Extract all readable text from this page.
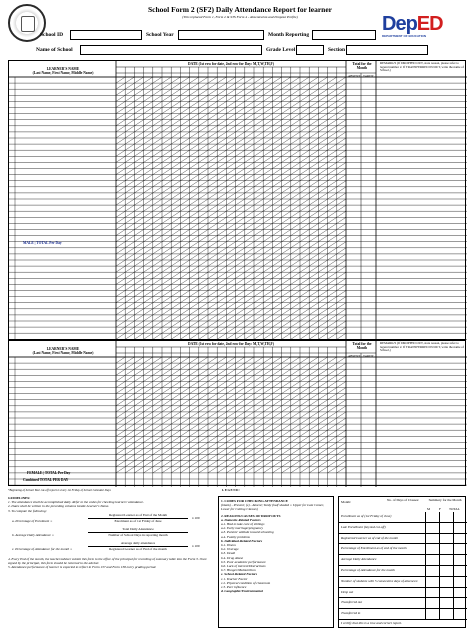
School Form 2 (SF2) Daily Attendance Report for learner
(This replaced Form 1, Form 2 & STS Form 4 - Absenteeism and Dropout Profile)	DepED
DEPARTMENT OF EDUCATION
School ID	School Year	Month Reporting
Name of School	Grade Level	Section
LEARNER'S NAME
(Last Name, First Name, Middle Name)
DATE (1st row for date, 2nd row for Day: M,T,W,TH,F)	Total for the Month
ABSENT TARDY
REMARK/S (If DROPPED OUT, state reason, please refer to legend number 2. If TRANSFERRED IN/OUT, write the name of School.)
MALE | TOTAL Per Day
LEARNER'S NAME
(Last Name, First Name, Middle Name)
DATE (1st row for date, 2nd row for Day: M,T,W,TH,F)	Total for the Month
ABSENT TARDY
REMARK/S (If DROPPED OUT, state reason, please refer to legend number 2. If TRANSFERRED IN/OUT, write the name of School.)
FEMALE | TOTAL Per Day
Combined TOTAL PER DAY
*Beginning of School Year cut-off report is every 1st Friday of School Calendar Days	LEGEND:
GUIDELINES:
1. The attendance shall be accomplished daily. Refer to the codes for checking learners' attendance.
2. Dates shall be written in the preceding columns beside Learner's Name.
3. To compute the following:
a. Percentage of Enrolment =
Registered Learner as of End of the Month
Enrolment as of 1st Friday of June
x 100
b. Average Daily Attendance =
Total Daily Attendance
Number of School Days in reporting month
c. Percentage of Attendance for the month =
Average daily attendance
Registered Learner as of End of the month
x 100
4. Every End of the month, the teacher/adviser submit this form to the office of the principal for recording of summary table into the Form 3. Once signed by the principal, this form should be returned to the adviser.
5. Attendance performance of learner is expected to reflect in Form 137 and Form 138 every grading period.
1. CODES FOR CHECKING ATTENDANCE
(blank) - Present; (x) - Absent; Tardy (half shaded = Upper for Late Comer, Lower for Cutting Classes)
2. REASONS/CAUSES OF DROP OUTS
a. Domestic-Related Factors
a.1. Had to take care of siblings
a.2. Early marriage/pregnancy
a.3. Parents' attitude toward schooling
a.4. Family problems
b. Individual-Related Factors
b.1. Illness
b.2. Overage
b.3. Death
b.4. Drug Abuse
b.5. Poor academic performance
b.6. Lack of interest/Distractions
b.7. Hunger/Malnutrition
c. School-Related Factors
c.1. Teacher Factor
c.2. Physical condition of classroom
c.3. Peer influence
d. Geographic/Environmental
Month:	No. of Days of Classes:	Summary for the Month
M	F TOTAL
Enrollment as of (1st Friday of June)
Late Enrollment (beyond cut-off)
Registered Learner as of end of the month
Percentage of Enrollment as of end of the month
Average Daily Attendance
Percentage of Attendance for the month
Number of students with 5 consecutive days of absences:
Drop out
Transferred out
Transferred in
I certify that this is a true and correct report.
